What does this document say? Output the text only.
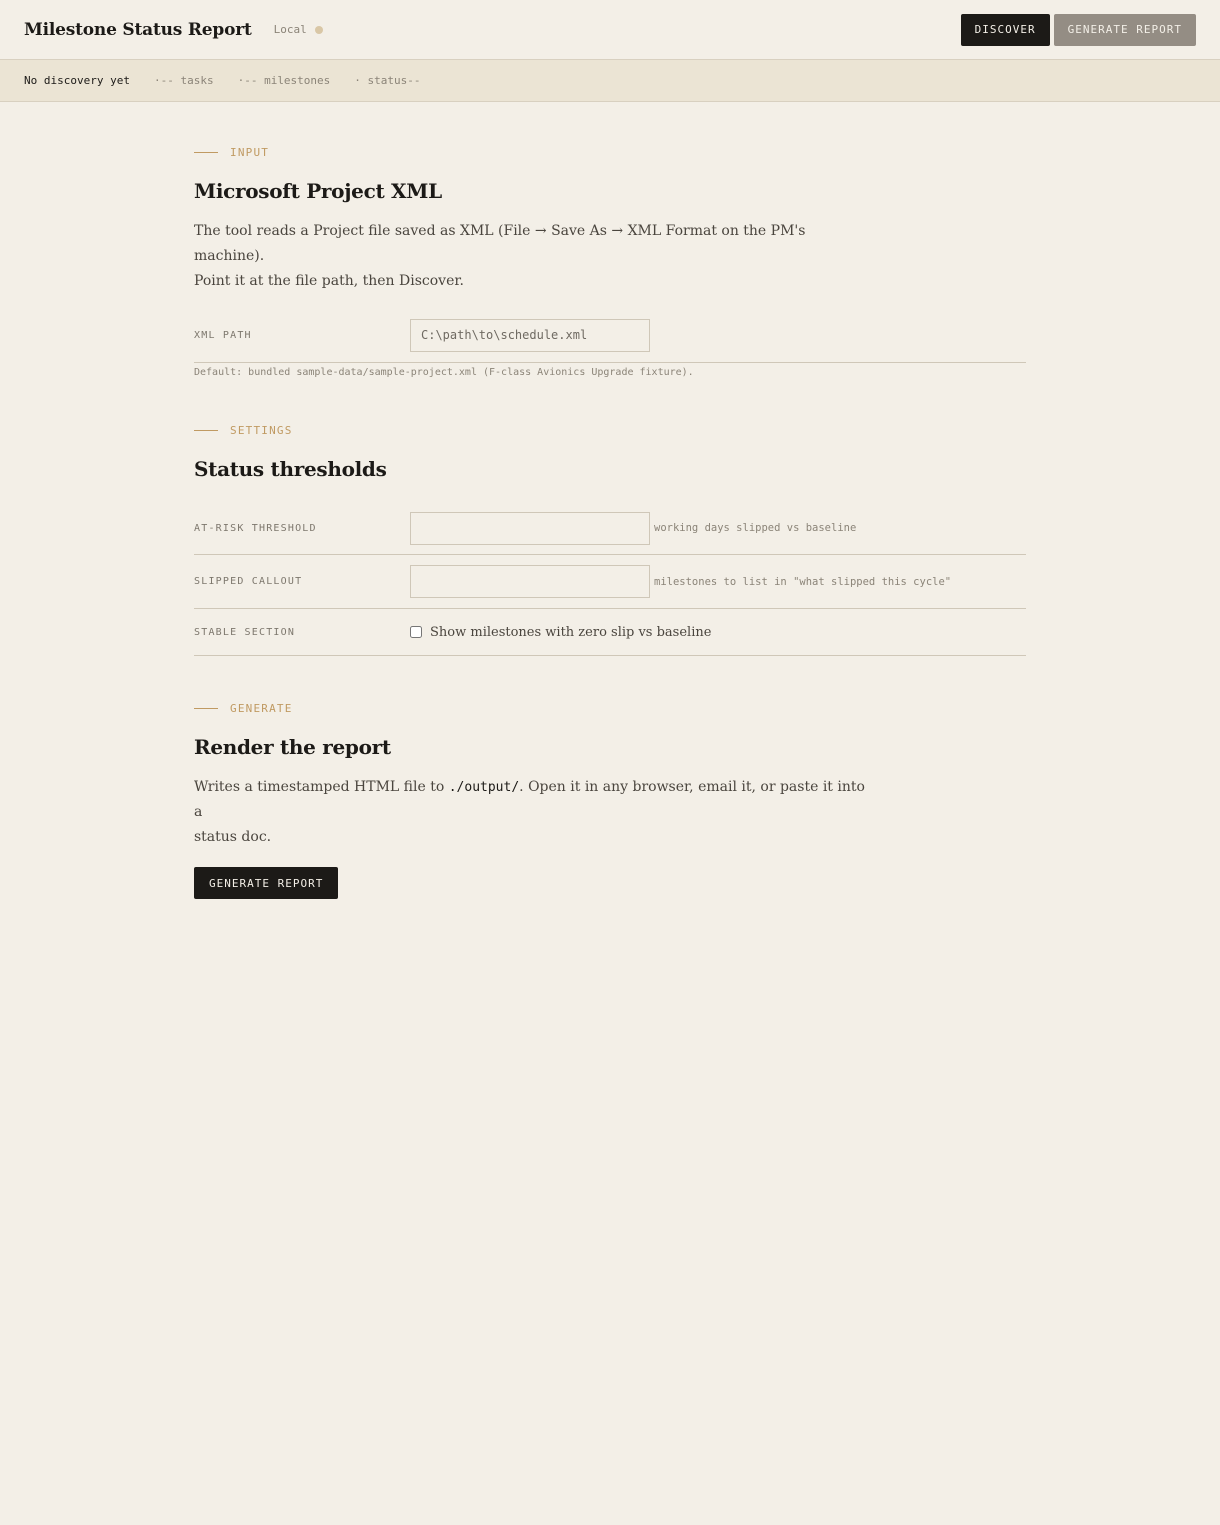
Milestone Status Report Local	DISCOVER	GENERATE REPORT
No discovery yet ·-- tasks ·-- milestones · status--
INPUT
Microsoft Project XML
The tool reads a Project file saved as XML (File → Save As → XML Format on the PM's machine).
Point it at the file path, then Discover.
XML PATH
C:\path\to\schedule.xml
Default: bundled sample-data/sample-project.xml (F-class Avionics Upgrade fixture).
SETTINGS
Status thresholds
AT-RISK THRESHOLD	working days slipped vs baseline
SLIPPED CALLOUT	milestones to list in "what slipped this cycle"
STABLE SECTION	Show milestones with zero slip vs baseline
GENERATE
Render the report
Writes a timestamped HTML file to ./output/. Open it in any browser, email it, or paste it into a
status doc.
GENERATE REPORT
